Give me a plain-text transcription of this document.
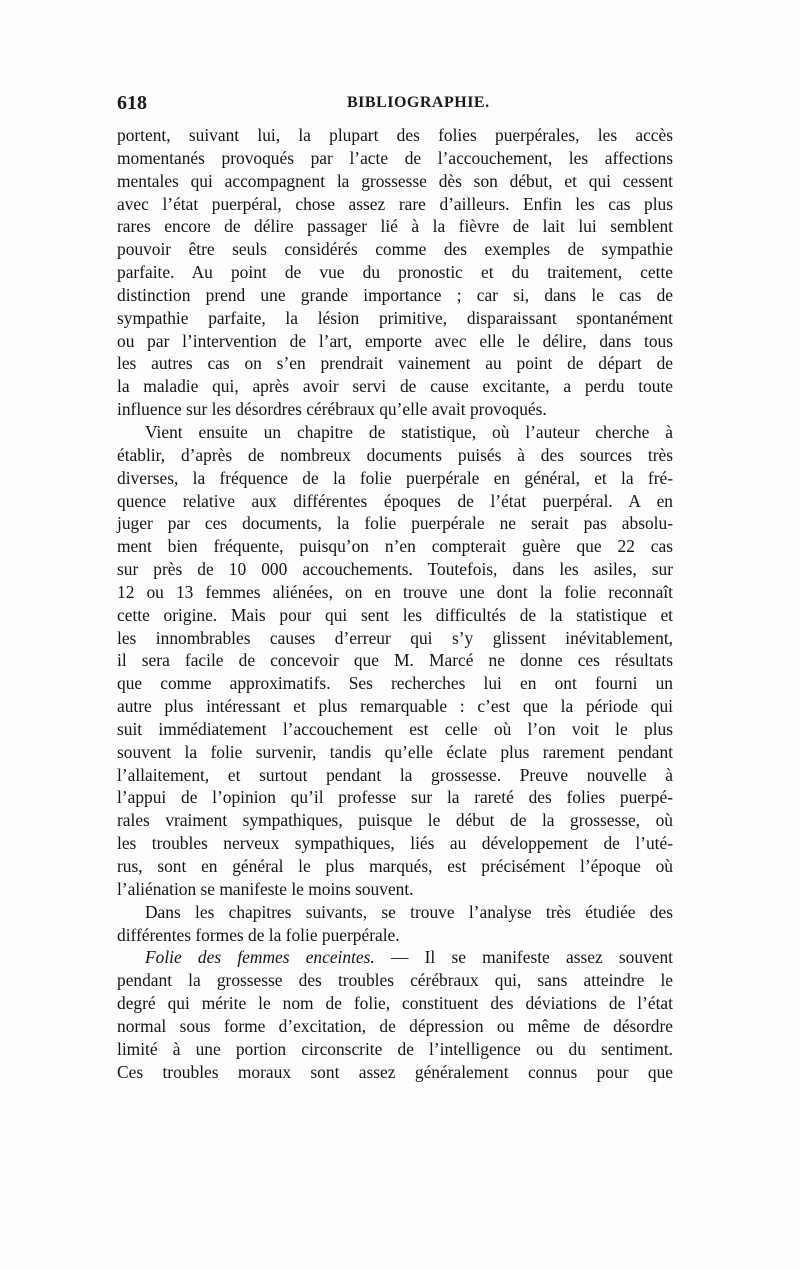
618	BIBLIOGRAPHIE.
portent, suivant lui, la plupart des folies puerpérales, les accès
momentanés provoqués par l’acte de l’accouchement, les affections
mentales qui accompagnent la grossesse dès son début, et qui cessent
avec l’état puerpéral, chose assez rare d’ailleurs. Enfin les cas plus
rares encore de délire passager lié à la fièvre de lait lui semblent
pouvoir être seuls considérés comme des exemples de sympathie
parfaite. Au point de vue du pronostic et du traitement, cette
distinction prend une grande importance ; car si, dans le cas de
sympathie parfaite, la lésion primitive, disparaissant spontanément
ou par l’intervention de l’art, emporte avec elle le délire, dans tous
les autres cas on s’en prendrait vainement au point de départ de
la maladie qui, après avoir servi de cause excitante, a perdu toute
influence sur les désordres cérébraux qu’elle avait provoqués.
Vient ensuite un chapitre de statistique, où l’auteur cherche à
établir, d’après de nombreux documents puisés à des sources très
diverses, la fréquence de la folie puerpérale en général, et la fré-
quence relative aux différentes époques de l’état puerpéral. A en
juger par ces documents, la folie puerpérale ne serait pas absolu-
ment bien fréquente, puisqu’on n’en compterait guère que 22 cas
sur près de 10 000 accouchements. Toutefois, dans les asiles, sur
12 ou 13 femmes aliénées, on en trouve une dont la folie reconnaît
cette origine. Mais pour qui sent les difficultés de la statistique et
les innombrables causes d’erreur qui s’y glissent inévitablement,
il sera facile de concevoir que M. Marcé ne donne ces résultats
que comme approximatifs. Ses recherches lui en ont fourni un
autre plus intéressant et plus remarquable : c’est que la période qui
suit immédiatement l’accouchement est celle où l’on voit le plus
souvent la folie survenir, tandis qu’elle éclate plus rarement pendant
l’allaitement, et surtout pendant la grossesse. Preuve nouvelle à
l’appui de l’opinion qu’il professe sur la rareté des folies puerpé-
rales vraiment sympathiques, puisque le début de la grossesse, où
les troubles nerveux sympathiques, liés au développement de l’uté-
rus, sont en général le plus marqués, est précisément l’époque où
l’aliénation se manifeste le moins souvent.
Dans les chapitres suivants, se trouve l’analyse très étudiée des
différentes formes de la folie puerpérale.
Folie des femmes enceintes. — Il se manifeste assez souvent
pendant la grossesse des troubles cérébraux qui, sans atteindre le
degré qui mérite le nom de folie, constituent des déviations de l’état
normal sous forme d’excitation, de dépression ou même de désordre
limité à une portion circonscrite de l’intelligence ou du sentiment.
Ces troubles moraux sont assez généralement connus pour que
